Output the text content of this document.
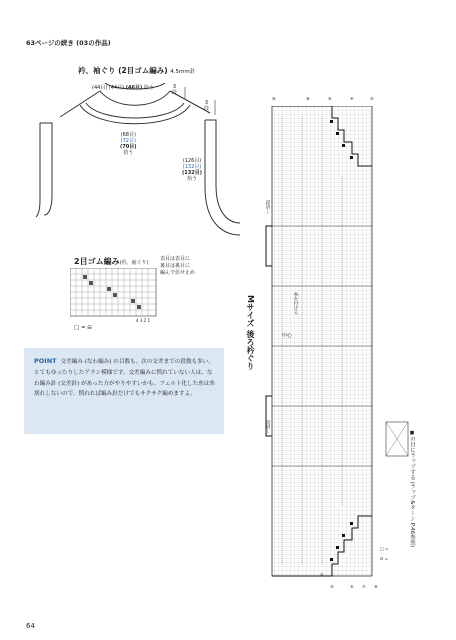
63ページの続き (03の作品)
衿、袖ぐり (2目ゴム編み) 4.5mm針
(44目) (44目) (46目) 拾う	3
段
3
段
(68目)
(72目)
(70目)
拾う
(126目)
(132目)
(132目)
拾う
2目ゴム編み(衿、袖ぐり)
表目は表目に
裏目は裏目に
編んで伏せ止め
4 3 2 1
□ = ⊟
POINT 交差編み (なわ編み) の目数も、次の交差までの段数も多い、とてもゆったりしたアラン模様です。交差編みに慣れていない人は、なわ編み針 (交差針) があった方がやりやすいかも。フェルト化した糸は糸割れしないので、慣れれば編み針だけでもサクサク編めますよ。
⑩	⑧	⑥	④	②
①
③	⑤ ⑦ ⑨
糸を付ける
中心
段消し
段消し
Mサイズ 後ろ衿ぐり
◼の目にラップする (ラップ&ターン P.46参照)
□ =
⊟ =
64
